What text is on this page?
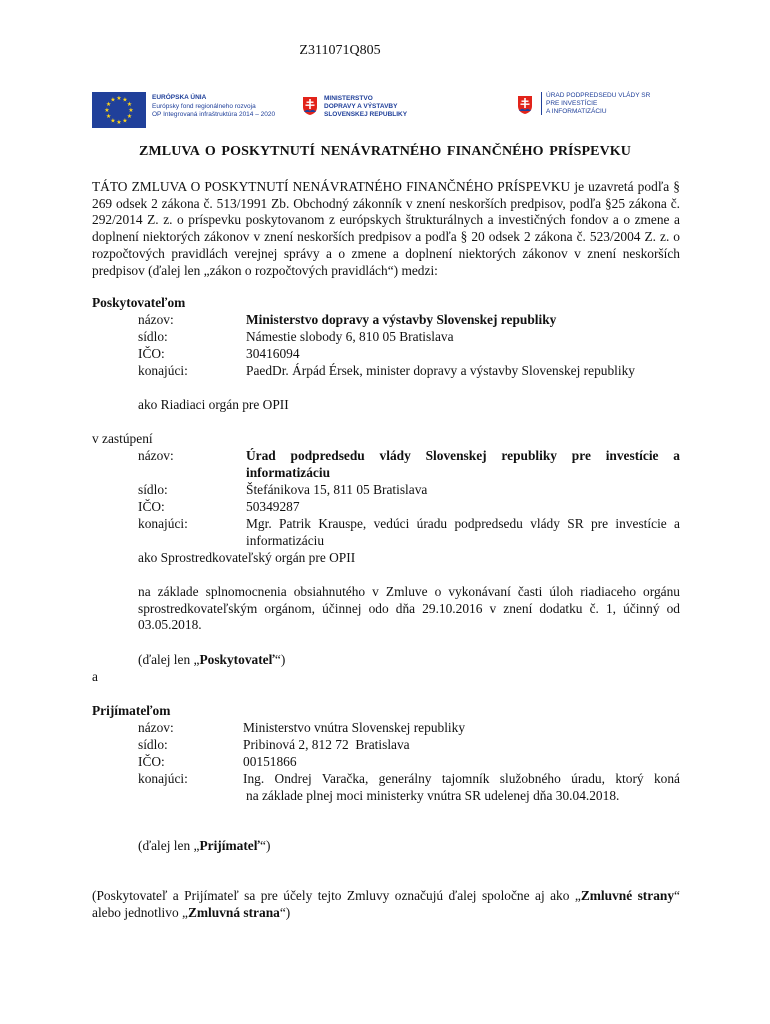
Z311071Q805
★ ★
★
★
★
★
★
★
★
★
★
★	EURÓPSKA ÚNIA
Európsky fond regionálneho rozvoja
OP Integrovaná infraštruktúra 2014 – 2020
MINISTERSTVO
DOPRAVY A VÝSTAVBY
SLOVENSKEJ REPUBLIKY
ÚRAD PODPREDSEDU VLÁDY SR
PRE INVESTÍCIE
A INFORMATIZÁCIU
ZMLUVA O POSKYTNUTÍ NENÁVRATNÉHO FINANČNÉHO PRÍSPEVKU
TÁTO ZMLUVA O POSKYTNUTÍ NENÁVRATNÉHO FINANČNÉHO PRÍSPEVKU je uzavretá podľa § 269 odsek 2 zákona č. 513/1991 Zb. Obchodný zákonník v znení neskorších predpisov, podľa §25 zákona č. 292/2014 Z. z. o príspevku poskytovanom z európskych štrukturálnych a investičných fondov a o zmene a doplnení niektorých zákonov v znení neskorších predpisov a podľa § 20 odsek 2 zákona č. 523/2004 Z. z. o rozpočtových pravidlách verejnej správy a o zmene a doplnení niektorých zákonov v znení neskorších predpisov (ďalej len „zákon o rozpočtových pravidlách“) medzi:
Poskytovateľom
názov:	Ministerstvo dopravy a výstavby Slovenskej republiky
sídlo:	Námestie slobody 6, 810 05 Bratislava
IČO:	30416094
konajúci:	PaedDr. Árpád Érsek, minister dopravy a výstavby Slovenskej republiky
ako Riadiaci orgán pre OPII
v zastúpení
názov:	Úrad podpredsedu vlády Slovenskej republiky pre investície a informatizáciu
sídlo:	Štefánikova 15, 811 05 Bratislava
IČO:	50349287
konajúci:	Mgr. Patrik Krauspe, vedúci úradu podpredsedu vlády SR pre investície a informatizáciu
ako Sprostredkovateľský orgán pre OPII
na základe splnomocnenia obsiahnutého v Zmluve o vykonávaní časti úloh riadiaceho orgánu sprostredkovateľským orgánom, účinnej odo dňa 29.10.2016 v znení dodatku č. 1, účinný od 03.05.2018.
(ďalej len „Poskytovateľ“)
a
Prijímateľom
názov:	Ministerstvo vnútra Slovenskej republiky
sídlo:	Pribinová 2, 812 72  Bratislava
IČO:	00151866
konajúci:	Ing. Ondrej Varačka, generálny tajomník služobného úradu, ktorý koná
na základe plnej moci ministerky vnútra SR udelenej dňa 30.04.2018.
(ďalej len „Prijímateľ“)
(Poskytovateľ a Prijímateľ sa pre účely tejto Zmluvy označujú ďalej spoločne aj ako „Zmluvné strany“ alebo jednotlivo „Zmluvná strana“)
